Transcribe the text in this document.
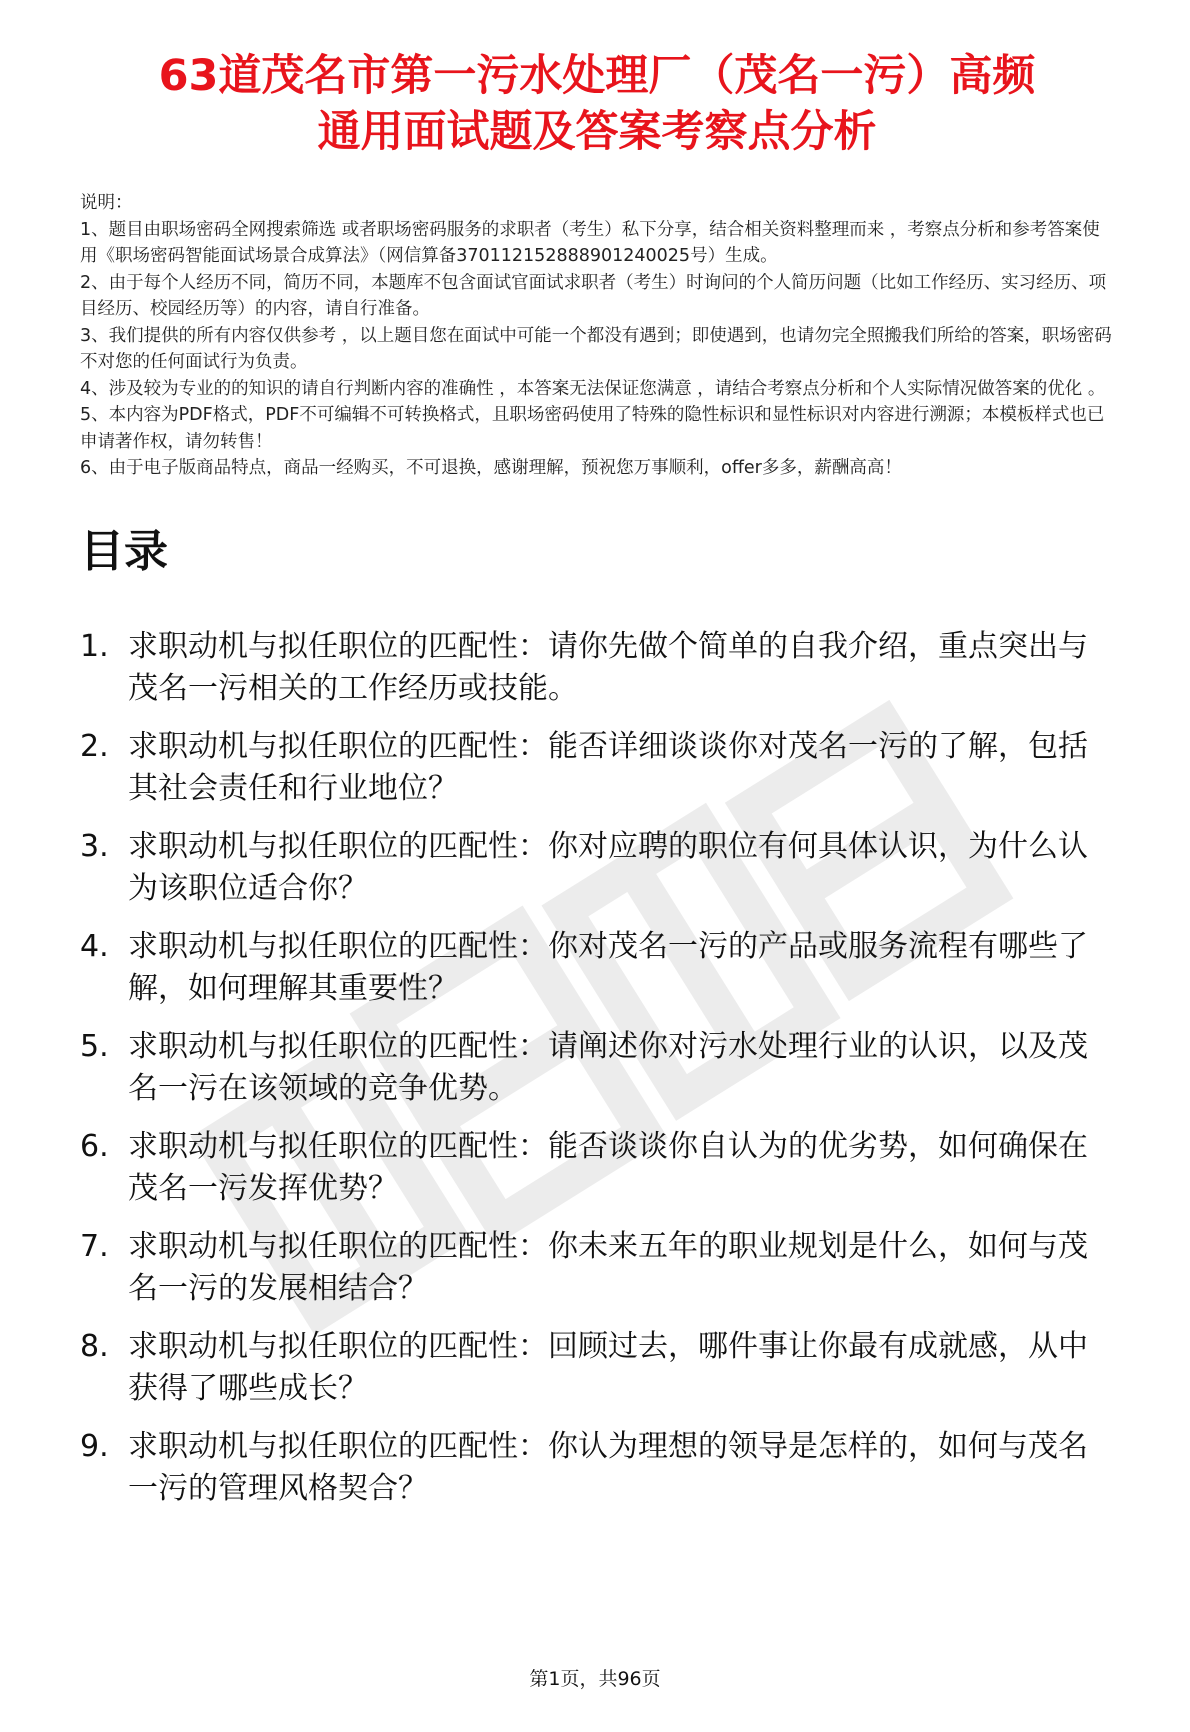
63道茂名市第一污水处理厂（茂名一污）高频
通用面试题及答案考察点分析

说明：

1、题目由职场密码全网搜索筛选 或者职场密码服务的求职者（考生）私下分享，结合相关资料整理而来 ，考察点分析和参考答案使用《职场密码智能面试场景合成算法》（网信算备370112152888901240025号）生成。

2、由于每个人经历不同，简历不同，本题库不包含面试官面试求职者（考生）时询问的个人简历问题（比如工作经历、实习经历、项目经历、校园经历等）的内容，请自行准备。

3、我们提供的所有内容仅供参考 ，以上题目您在面试中可能一个都没有遇到；即使遇到，也请勿完全照搬我们所给的答案，职场密码不对您的任何面试行为负责。

4、涉及较为专业的的知识的请自行判断内容的准确性 ，本答案无法保证您满意 ，请结合考察点分析和个人实际情况做答案的优化 。

5、本内容为PDF格式，PDF不可编辑不可转换格式，且职场密码使用了特殊的隐性标识和显性标识对内容进行溯源；本模板样式也已申请著作权，请勿转售！

6、由于电子版商品特点，商品一经购买，不可退换，感谢理解，预祝您万事顺利，offer多多，薪酬高高！

目录
1. 求职动机与拟任职位的匹配性：请你先做个简单的自我介绍，重点突出与茂名一污相关的工作经历或技能。
2. 求职动机与拟任职位的匹配性：能否详细谈谈你对茂名一污的了解，包括其社会责任和行业地位？
3. 求职动机与拟任职位的匹配性：你对应聘的职位有何具体认识，为什么认为该职位适合你？
4. 求职动机与拟任职位的匹配性：你对茂名一污的产品或服务流程有哪些了解，如何理解其重要性？
5. 求职动机与拟任职位的匹配性：请阐述你对污水处理行业的认识，以及茂名一污在该领域的竞争优势。
6. 求职动机与拟任职位的匹配性：能否谈谈你自认为的优劣势，如何确保在茂名一污发挥优势？
7. 求职动机与拟任职位的匹配性：你未来五年的职业规划是什么，如何与茂名一污的发展相结合？
8. 求职动机与拟任职位的匹配性：回顾过去，哪件事让你最有成就感，从中获得了哪些成长？
9. 求职动机与拟任职位的匹配性：你认为理想的领导是怎样的，如何与茂名一污的管理风格契合？
第1页，共96页
